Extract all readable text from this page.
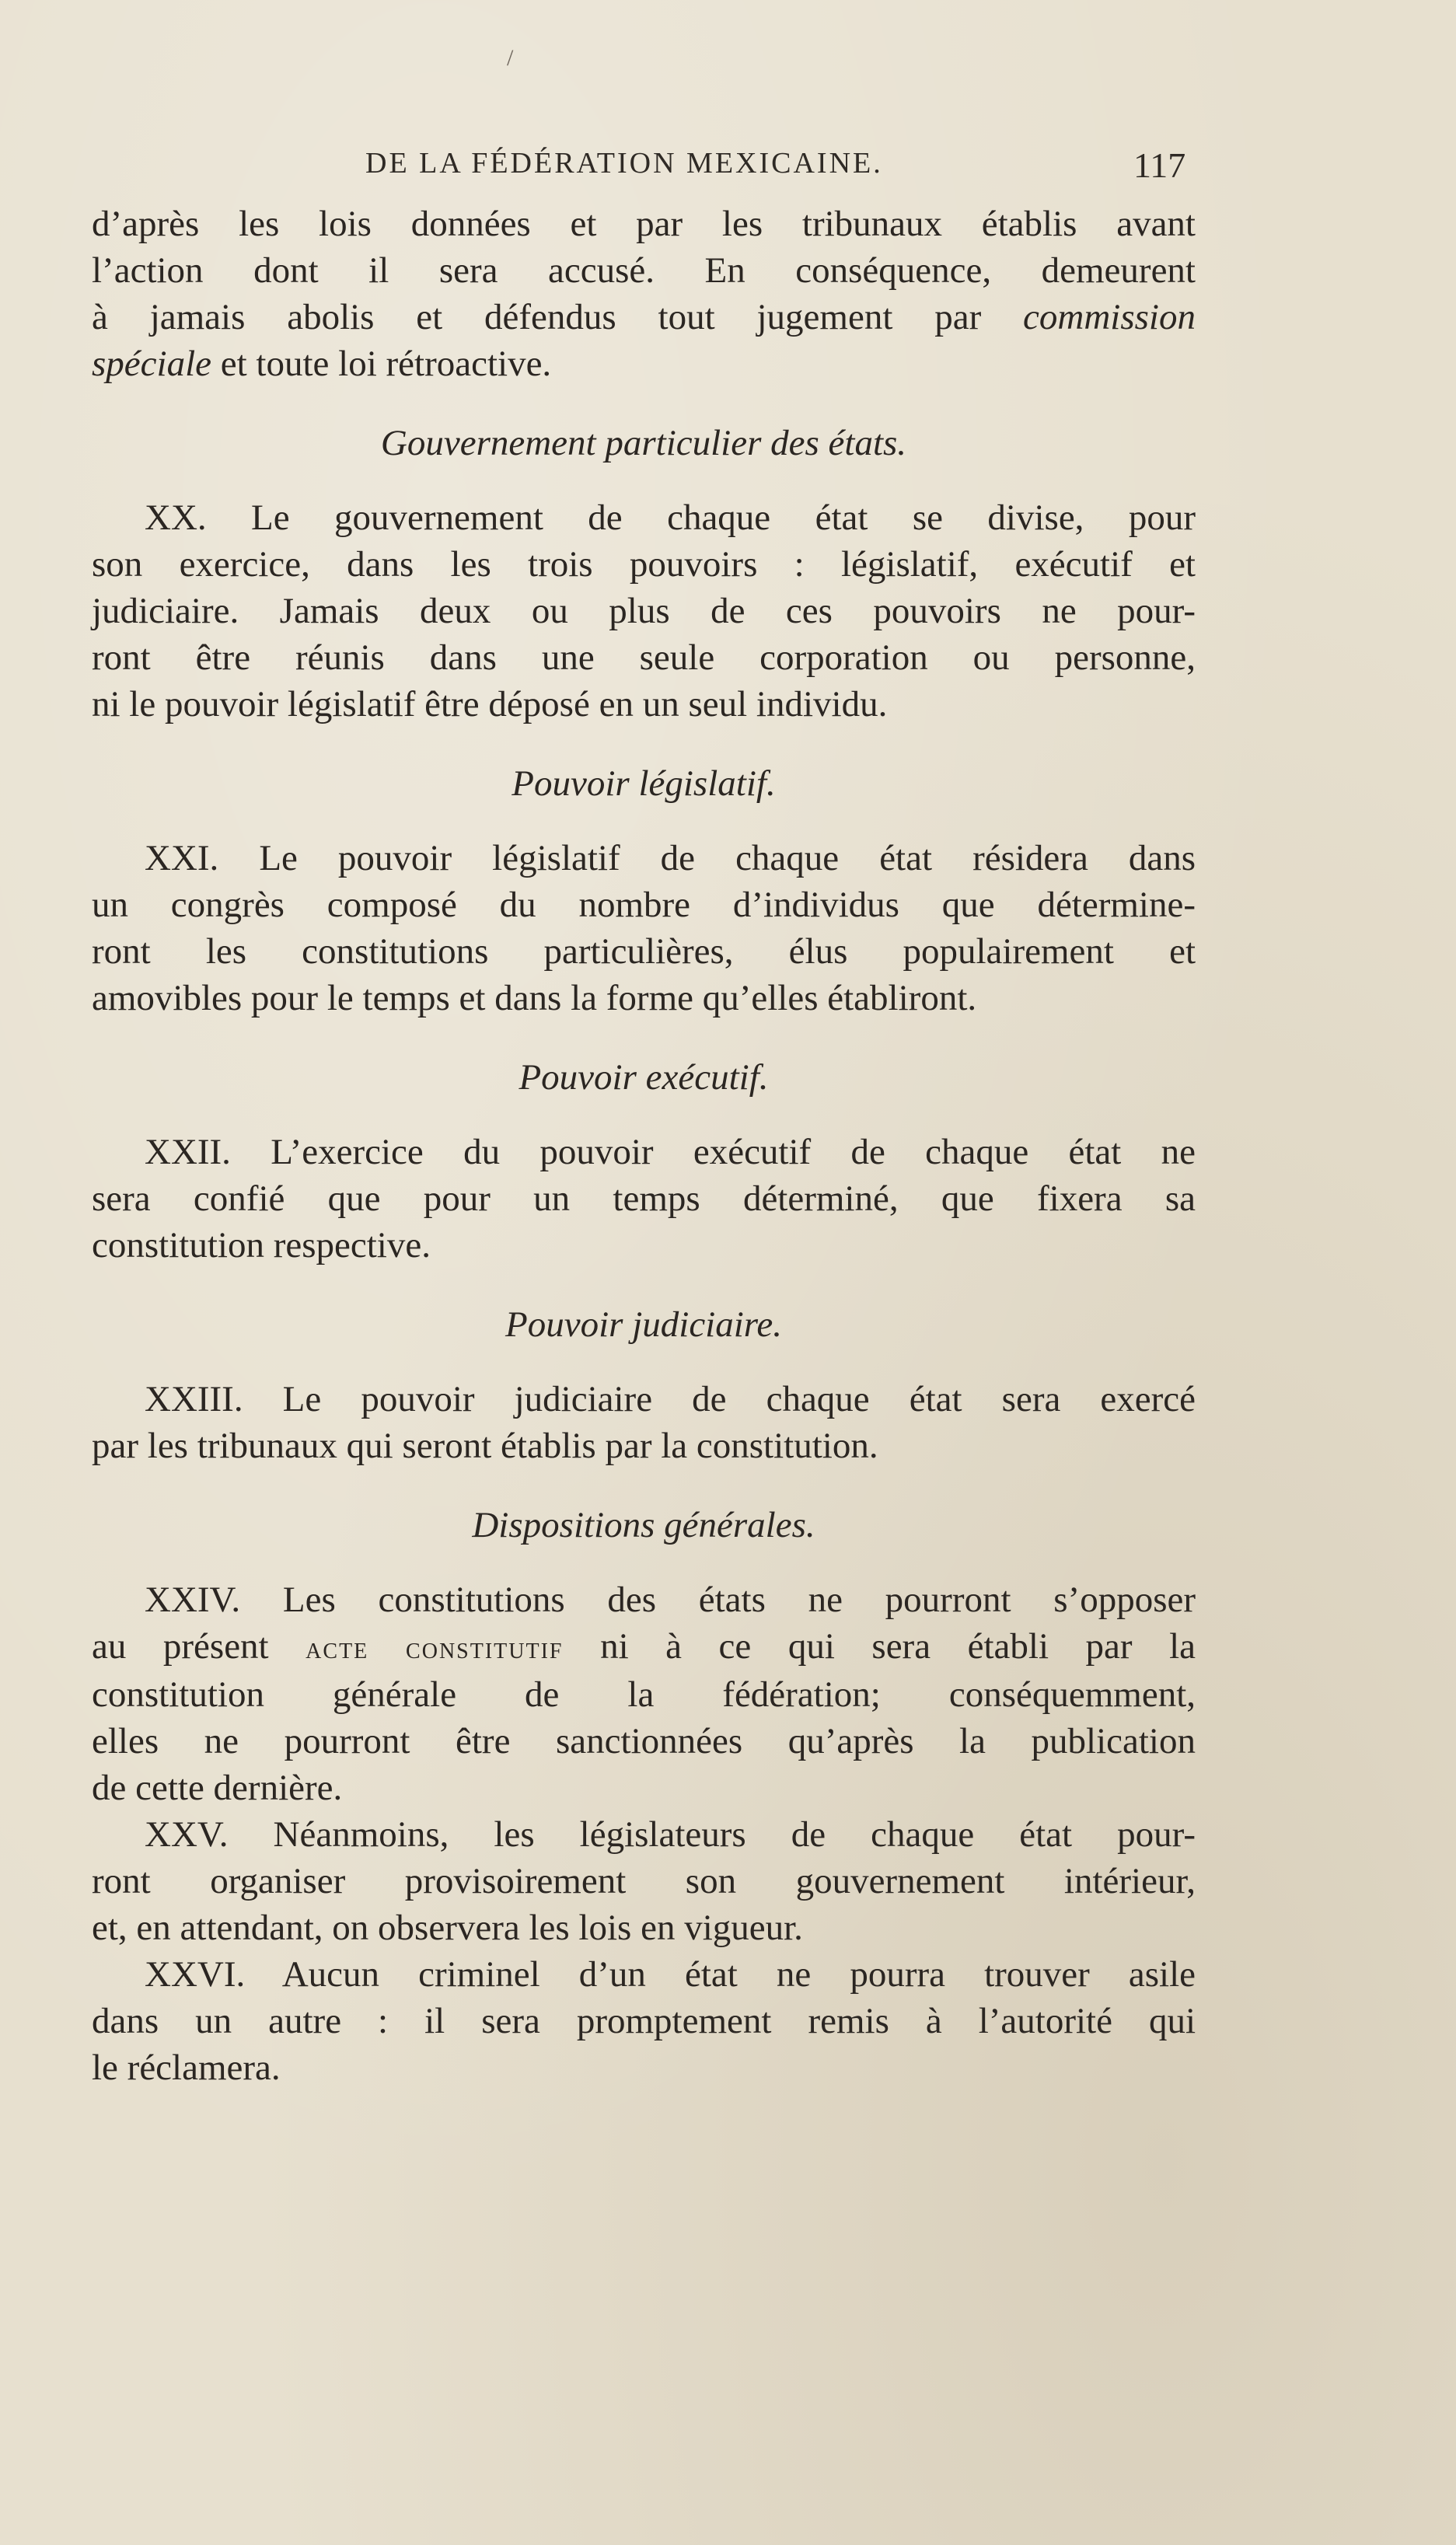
/
DE LA FÉDÉRATION MEXICAINE.	117
d’après les lois données et par les tribunaux établis avant
l’action dont il sera accusé. En conséquence, demeurent
à jamais abolis et défendus tout jugement par commission
spéciale et toute loi rétroactive.
Gouvernement particulier des états.
XX. Le gouvernement de chaque état se divise, pour
son exercice, dans les trois pouvoirs : législatif, exécutif et
judiciaire. Jamais deux ou plus de ces pouvoirs ne pour-
ront être réunis dans une seule corporation ou personne,
ni le pouvoir législatif être déposé en un seul individu.
Pouvoir législatif.
XXI. Le pouvoir législatif de chaque état résidera dans
un congrès composé du nombre d’individus que détermine-
ront les constitutions particulières, élus populairement et
amovibles pour le temps et dans la forme qu’elles établiront.
Pouvoir exécutif.
XXII. L’exercice du pouvoir exécutif de chaque état ne
sera confié que pour un temps déterminé, que fixera sa
constitution respective.
Pouvoir judiciaire.
XXIII. Le pouvoir judiciaire de chaque état sera exercé
par les tribunaux qui seront établis par la constitution.
Dispositions générales.
XXIV. Les constitutions des états ne pourront s’opposer
au présent acte constitutif ni à ce qui sera établi par la
constitution générale de la fédération; conséquemment,
elles ne pourront être sanctionnées qu’après la publication
de cette dernière.
XXV. Néanmoins, les législateurs de chaque état pour-
ront organiser provisoirement son gouvernement intérieur,
et, en attendant, on observera les lois en vigueur.
XXVI. Aucun criminel d’un état ne pourra trouver asile
dans un autre : il sera promptement remis à l’autorité qui
le réclamera.
